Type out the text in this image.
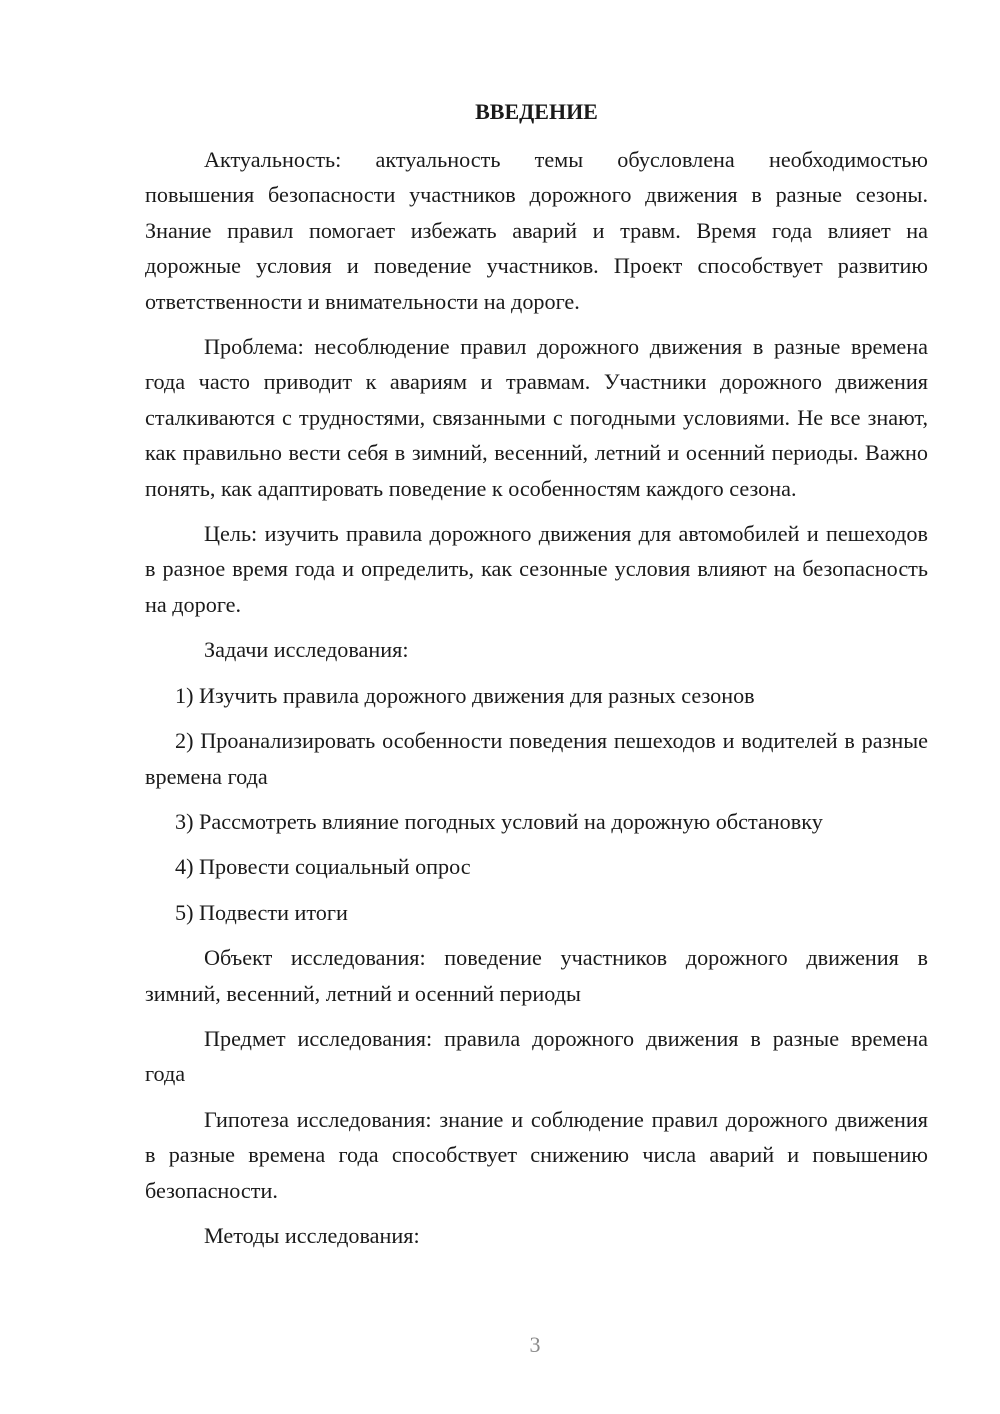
ВВЕДЕНИЕ

Актуальность: актуальность темы обусловлена необходимостью повышения безопасности участников дорожного движения в разные сезоны. Знание правил помогает избежать аварий и травм. Время года влияет на дорожные условия и поведение участников. Проект способствует развитию ответственности и внимательности на дороге.

Проблема: несоблюдение правил дорожного движения в разные времена года часто приводит к авариям и травмам. Участники дорожного движения сталкиваются с трудностями, связанными с погодными условиями. Не все знают, как правильно вести себя в зимний, весенний, летний и осенний периоды. Важно понять, как адаптировать поведение к особенностям каждого сезона.

Цель: изучить правила дорожного движения для автомобилей и пешеходов в разное время года и определить, как сезонные условия влияют на безопасность на дороге.

Задачи исследования:

1) Изучить правила дорожного движения для разных сезонов

2) Проанализировать особенности поведения пешеходов и водителей в разные времена года

3) Рассмотреть влияние погодных условий на дорожную обстановку

4) Провести социальный опрос

5) Подвести итоги

Объект исследования: поведение участников дорожного движения в зимний, весенний, летний и осенний периоды

Предмет исследования: правила дорожного движения в разные времена года

Гипотеза исследования: знание и соблюдение правил дорожного движения в разные времена года способствует снижению числа аварий и повышению безопасности.

Методы исследования:

3
